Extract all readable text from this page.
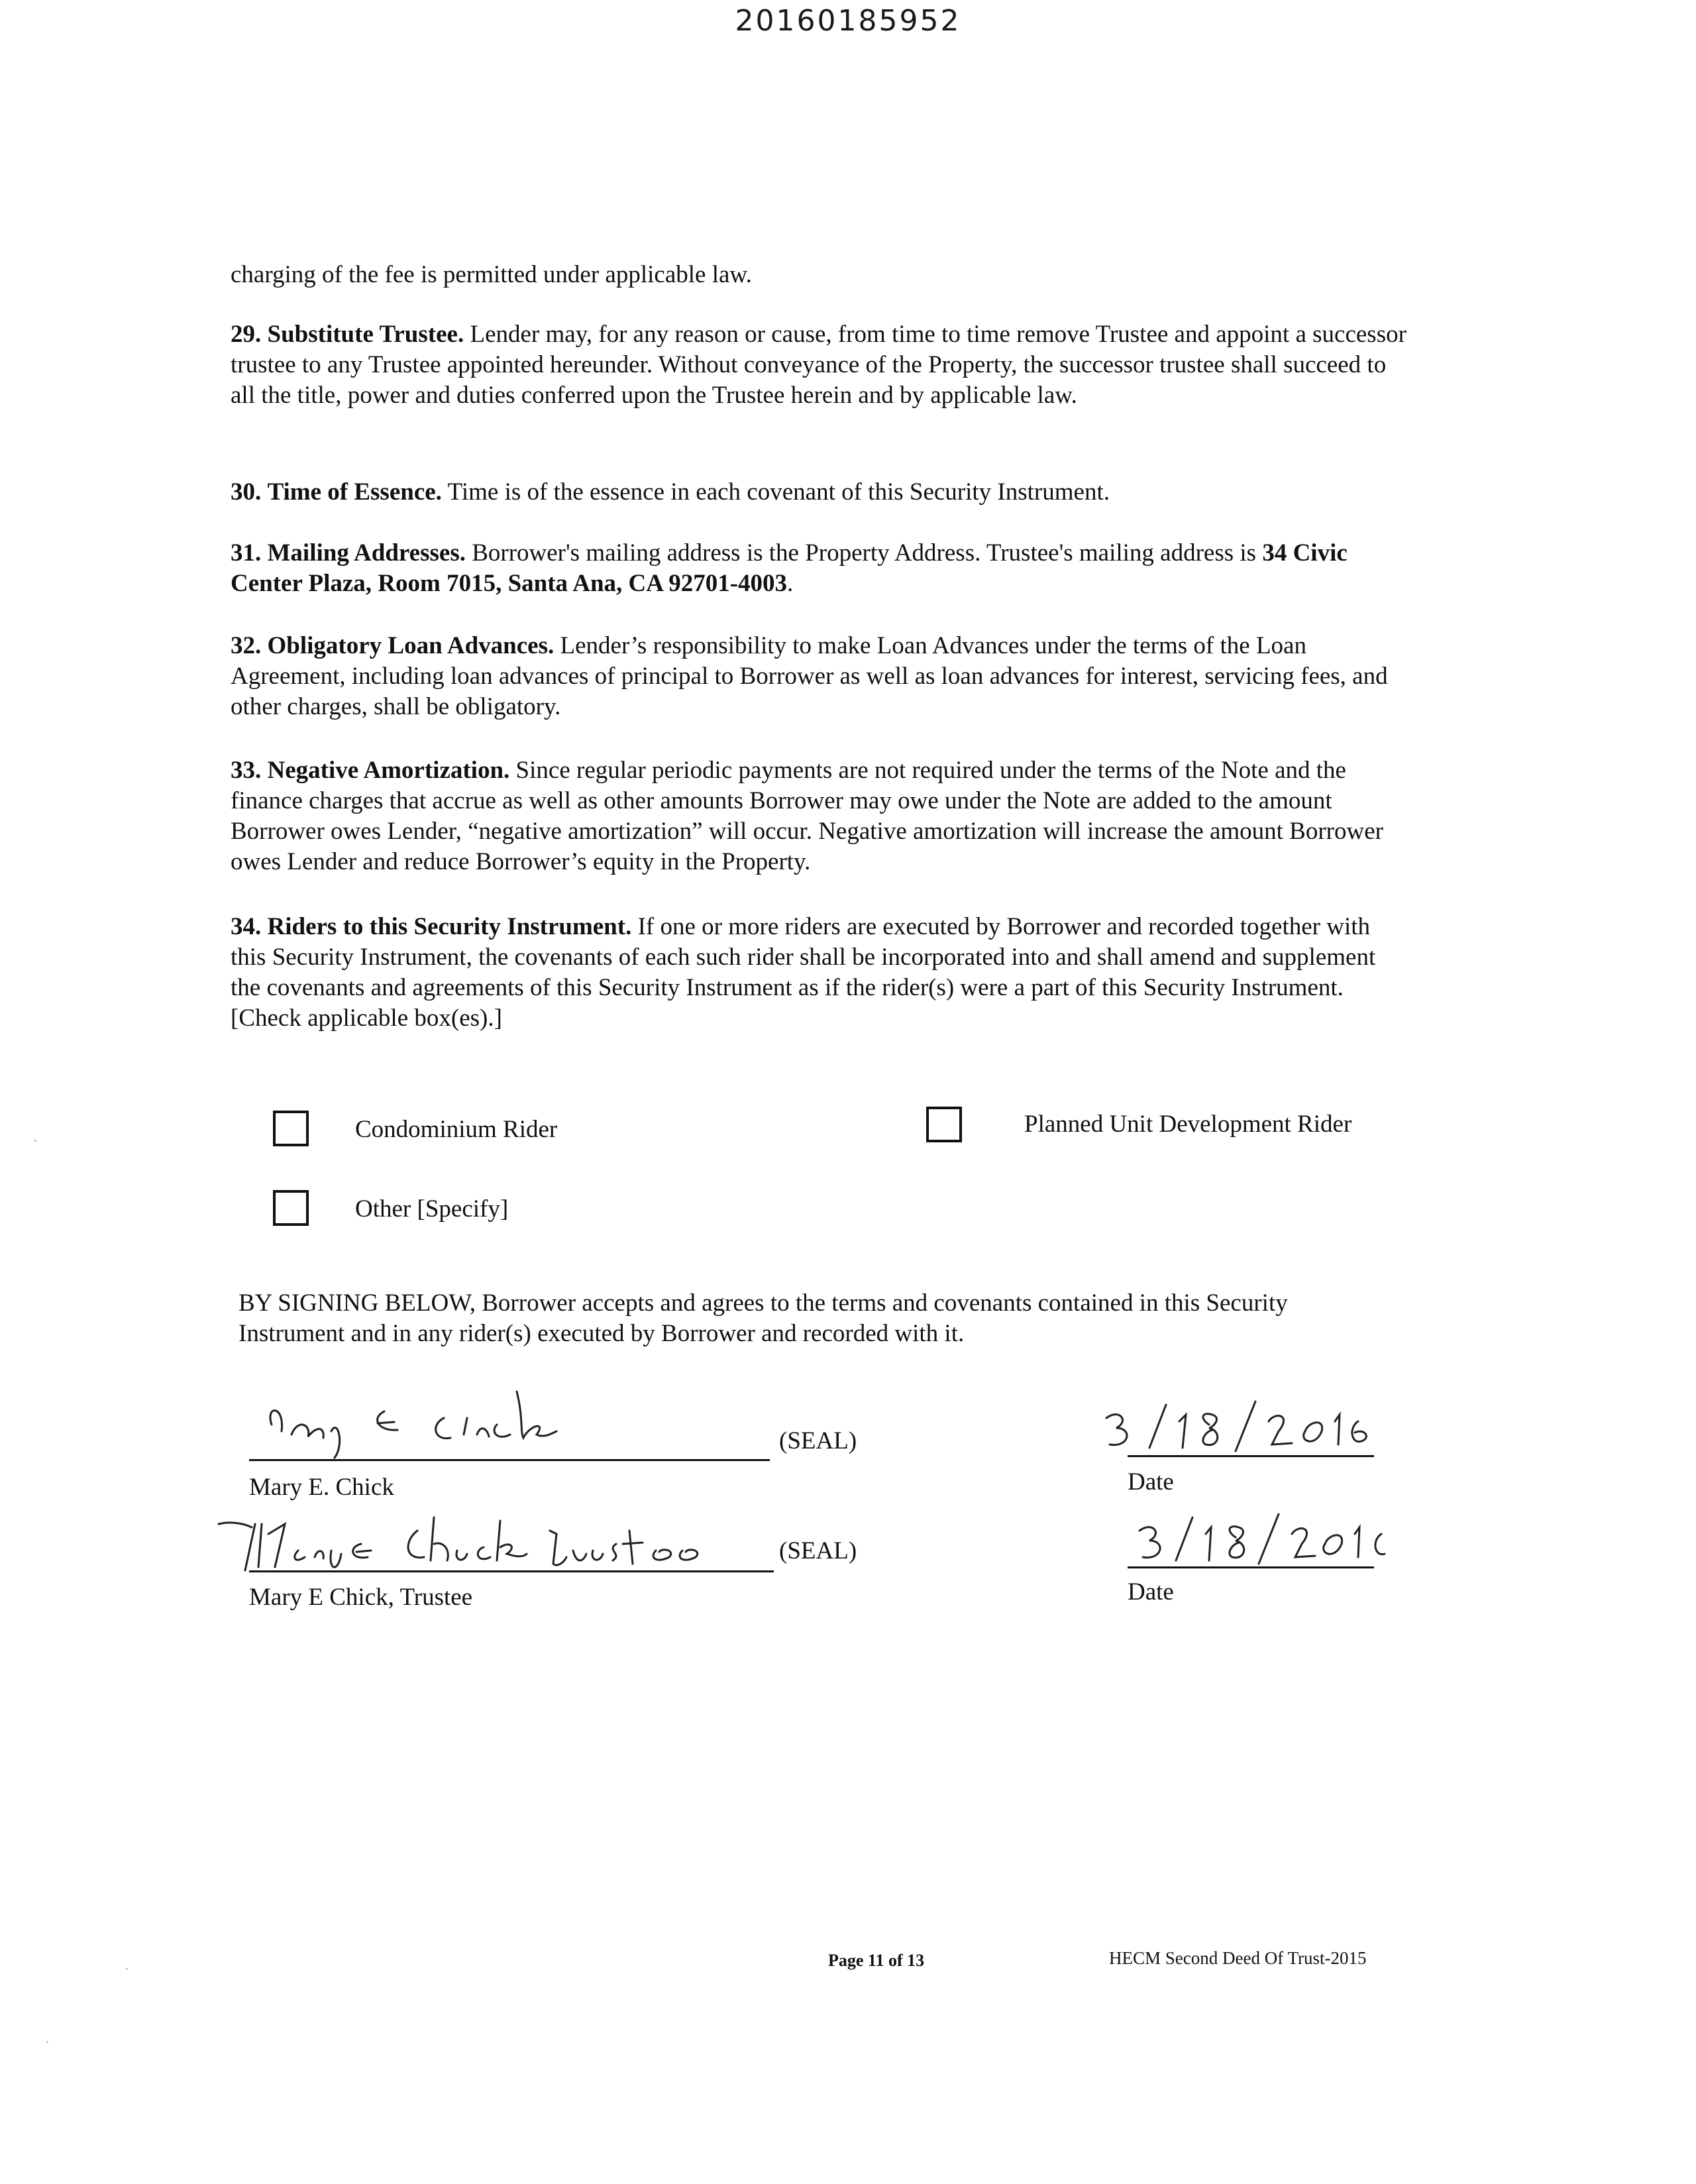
20160185952
charging of the fee is permitted under applicable law.
29. Substitute Trustee. Lender may, for any reason or cause, from time to time remove Trustee and appoint a successor trustee to any Trustee appointed hereunder. Without conveyance of the Property, the successor trustee shall succeed to all the title, power and duties conferred upon the Trustee herein and by applicable law.
30. Time of Essence. Time is of the essence in each covenant of this Security Instrument.
31. Mailing Addresses. Borrower's mailing address is the Property Address. Trustee's mailing address is 34 Civic Center Plaza, Room 7015, Santa Ana, CA 92701-4003.
32. Obligatory Loan Advances. Lender’s responsibility to make Loan Advances under the terms of the Loan Agreement, including loan advances of principal to Borrower as well as loan advances for interest, servicing fees, and other charges, shall be obligatory.
33. Negative Amortization. Since regular periodic payments are not required under the terms of the Note and the finance charges that accrue as well as other amounts Borrower may owe under the Note are added to the amount Borrower owes Lender, “negative amortization” will occur. Negative amortization will increase the amount Borrower owes Lender and reduce Borrower’s equity in the Property.
34. Riders to this Security Instrument. If one or more riders are executed by Borrower and recorded together with this Security Instrument, the covenants of each such rider shall be incorporated into and shall amend and supplement the covenants and agreements of this Security Instrument as if the rider(s) were a part of this Security Instrument. [Check applicable box(es).]
Condominium Rider	Planned Unit Development Rider
Other [Specify]
BY SIGNING BELOW, Borrower accepts and agrees to the terms and covenants contained in this Security Instrument and in any rider(s) executed by Borrower and recorded with it.
Mary E Chick
(SEAL)
Mary E. Chick
3/18/2016
Date
Mary E Chick trustee
(SEAL)
Mary E Chick, Trustee
3/18/2016
Date
Page 11 of 13	HECM Second Deed Of Trust-2015
